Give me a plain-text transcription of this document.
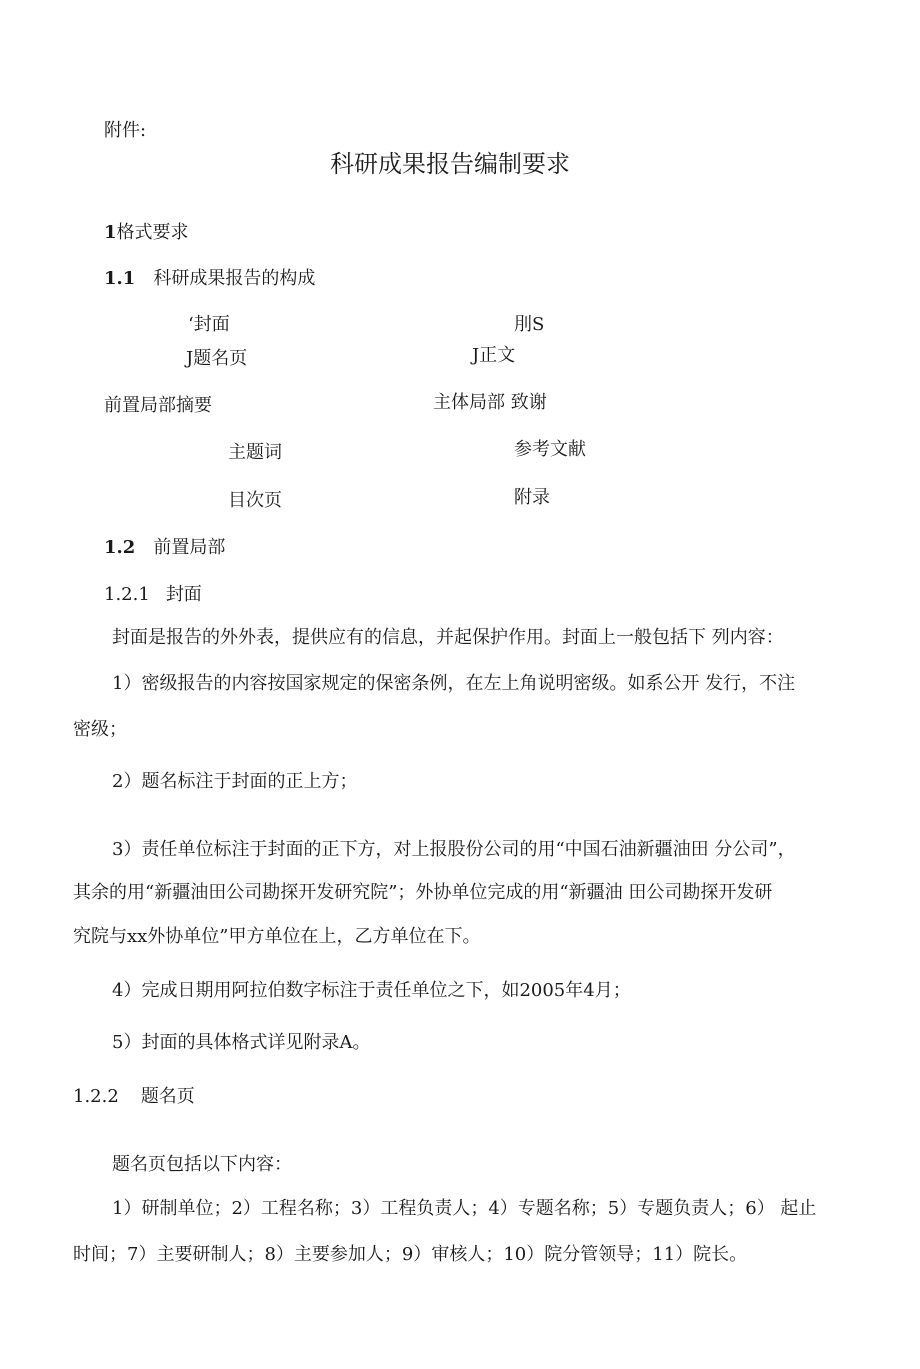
附件:
科研成果报告编制要求
1格式要求
1.1 科研成果报告的构成
‘封面	刖S
J题名页	J正文
前置局部摘要	主体局部 致谢
主题词	参考文献
目次页	附录
1.2 前置局部
1.2.1 封面
封面是报告的外外表，提供应有的信息，并起保护作用。封面上一般包括下 列内容：
1）密级报告的内容按国家规定的保密条例，在左上角说明密级。如系公开 发行，不注
密级；
2）题名标注于封面的正上方；
3）责任单位标注于封面的正下方，对上报股份公司的用“中国石油新疆油田 分公司”，
其余的用“新疆油田公司勘探开发研究院”；外协单位完成的用“新疆油 田公司勘探开发研
究院与xx外协单位”甲方单位在上，乙方单位在下。
4）完成日期用阿拉伯数字标注于责任单位之下，如2005年4月；
5）封面的具体格式详见附录A。
1.2.2 题名页
题名页包括以下内容：
1）研制单位；2）工程名称；3）工程负责人；4）专题名称；5）专题负责人；6） 起止
时间；7）主要研制人；8）主要参加人；9）审核人；10）院分管领导；11）院长。
